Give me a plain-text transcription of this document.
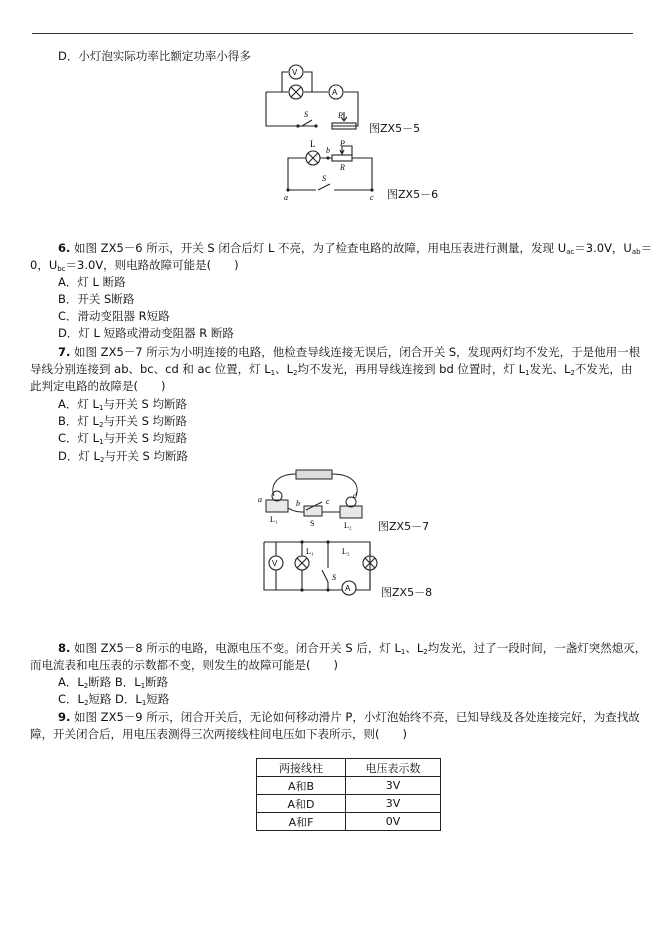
D．小灯泡实际功率比额定功率小得多
V
A
S	P
图ZX5－5
L	P
b
R
S
a	c 图ZX5－6
6. 如图 ZX5－6 所示，开关 S 闭合后灯 L 不亮，为了检查电路的故障，用电压表进行测量，发现 $U_{ac}=3.0V$，$U_{ab}=$
0，$U_{bc}=3.0V$，则电路故障可能是(　　)
A．灯 L 断路
B．开关 S断路
C．滑动变阻器 R短路
D．灯 L 短路或滑动变阻器 R 断路
7. 如图 ZX5－7 所示为小明连接的电路，他检查导线连接无误后，闭合开关 S，发现两灯均不发光，于是他用一根
导线分别连接到 ab、bc、cd 和 ac 位置，灯 $L_1$、$L_2$均不发光，再用导线连接到 bd 位置时，灯 $L_1$发光、$L_2$不发光，由
此判定电路的故障是(　　)
A．灯 $L_1$与开关 S 均断路
B．灯 $L_2$与开关 S 均断路
C．灯 $L_1$与开关 S 均短路
D．灯 $L_2$与开关 S 均断路
a	b	c
d
S
L₁
L₂ 图ZX5－7
V
A
S
L₁	L₂
图ZX5－8
8. 如图 ZX5－8 所示的电路，电源电压不变。闭合开关 S 后，灯 $L_1$、$L_2$均发光，过了一段时间，一盏灯突然熄灭，
而电流表和电压表的示数都不变，则发生的故障可能是(　　)
A．$L_2$断路 B．$L_1$断路
C．$L_2$短路 D．$L_1$短路
9. 如图 ZX5－9 所示，闭合开关后，无论如何移动滑片 P，小灯泡始终不亮，已知导线及各处连接完好，为查找故
障，开关闭合后，用电压表测得三次两接线柱间电压如下表所示，则(　　)
两接线柱	电压表示数
A和B	3V
A和D	3V
A和F	0V
